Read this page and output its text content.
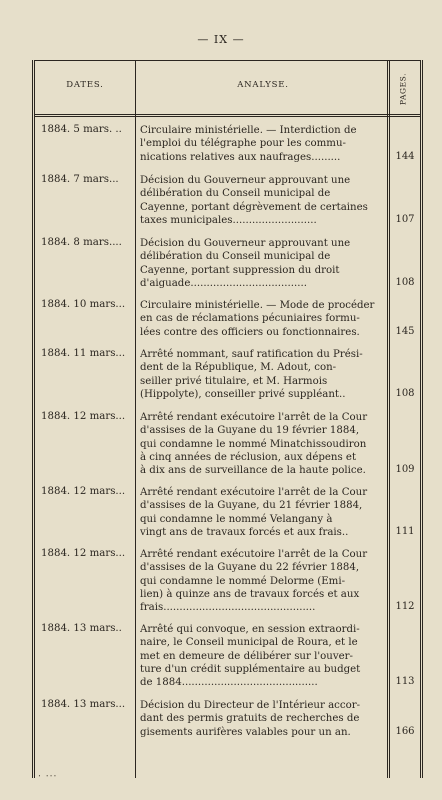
— IX —
DATES.	ANALYSE.	PAGES.
1884. 5 mars. ..	Circulaire ministérielle. — Interdiction de
l'emploi du télégraphe pour les commu-
nications relatives aux naufrages.........	144
1884. 7 mars...	Décision du Gouverneur approuvant une
délibération du Conseil municipal de
Cayenne, portant dégrèvement de certaines
taxes municipales..........................	107
1884. 8 mars....	Décision du Gouverneur approuvant une
délibération du Conseil municipal de
Cayenne, portant suppression du droit
d'aiguade....................................	108
1884. 10 mars...	Circulaire ministérielle. — Mode de procéder
en cas de réclamations pécuniaires formu-
lées contre des officiers ou fonctionnaires.	145
1884. 11 mars...	Arrêté nommant, sauf ratification du Prési-
dent de la République, M. Adout, con-
seiller privé titulaire, et M. Harmois
(Hippolyte), conseiller privé suppléant..	108
1884. 12 mars...	Arrêté rendant exécutoire l'arrêt de la Cour
d'assises de la Guyane du 19 février 1884,
qui condamne le nommé Minatchissoudiron
à cinq années de réclusion, aux dépens et
à dix ans de surveillance de la haute police.	109
1884. 12 mars...	Arrêté rendant exécutoire l'arrêt de la Cour
d'assises de la Guyane, du 21 février 1884,
qui condamne le nommé Velangany à
vingt ans de travaux forcés et aux frais..	111
1884. 12 mars...	Arrêté rendant exécutoire l'arrêt de la Cour
d'assises de la Guyane du 22 février 1884,
qui condamne le nommé Delorme (Emi-
lien) à quinze ans de travaux forcés et aux
frais...............................................	112
1884. 13 mars..	Arrêté qui convoque, en session extraordi-
naire, le Conseil municipal de Roura, et le
met en demeure de délibérer sur l'ouver-
ture d'un crédit supplémentaire au budget
de 1884..........................................	113
1884. 13 mars...	Décision du Directeur de l'Intérieur accor-
dant des permis gratuits de recherches de
gisements aurifères valables pour un an.	166
‧ ‧‧‧
